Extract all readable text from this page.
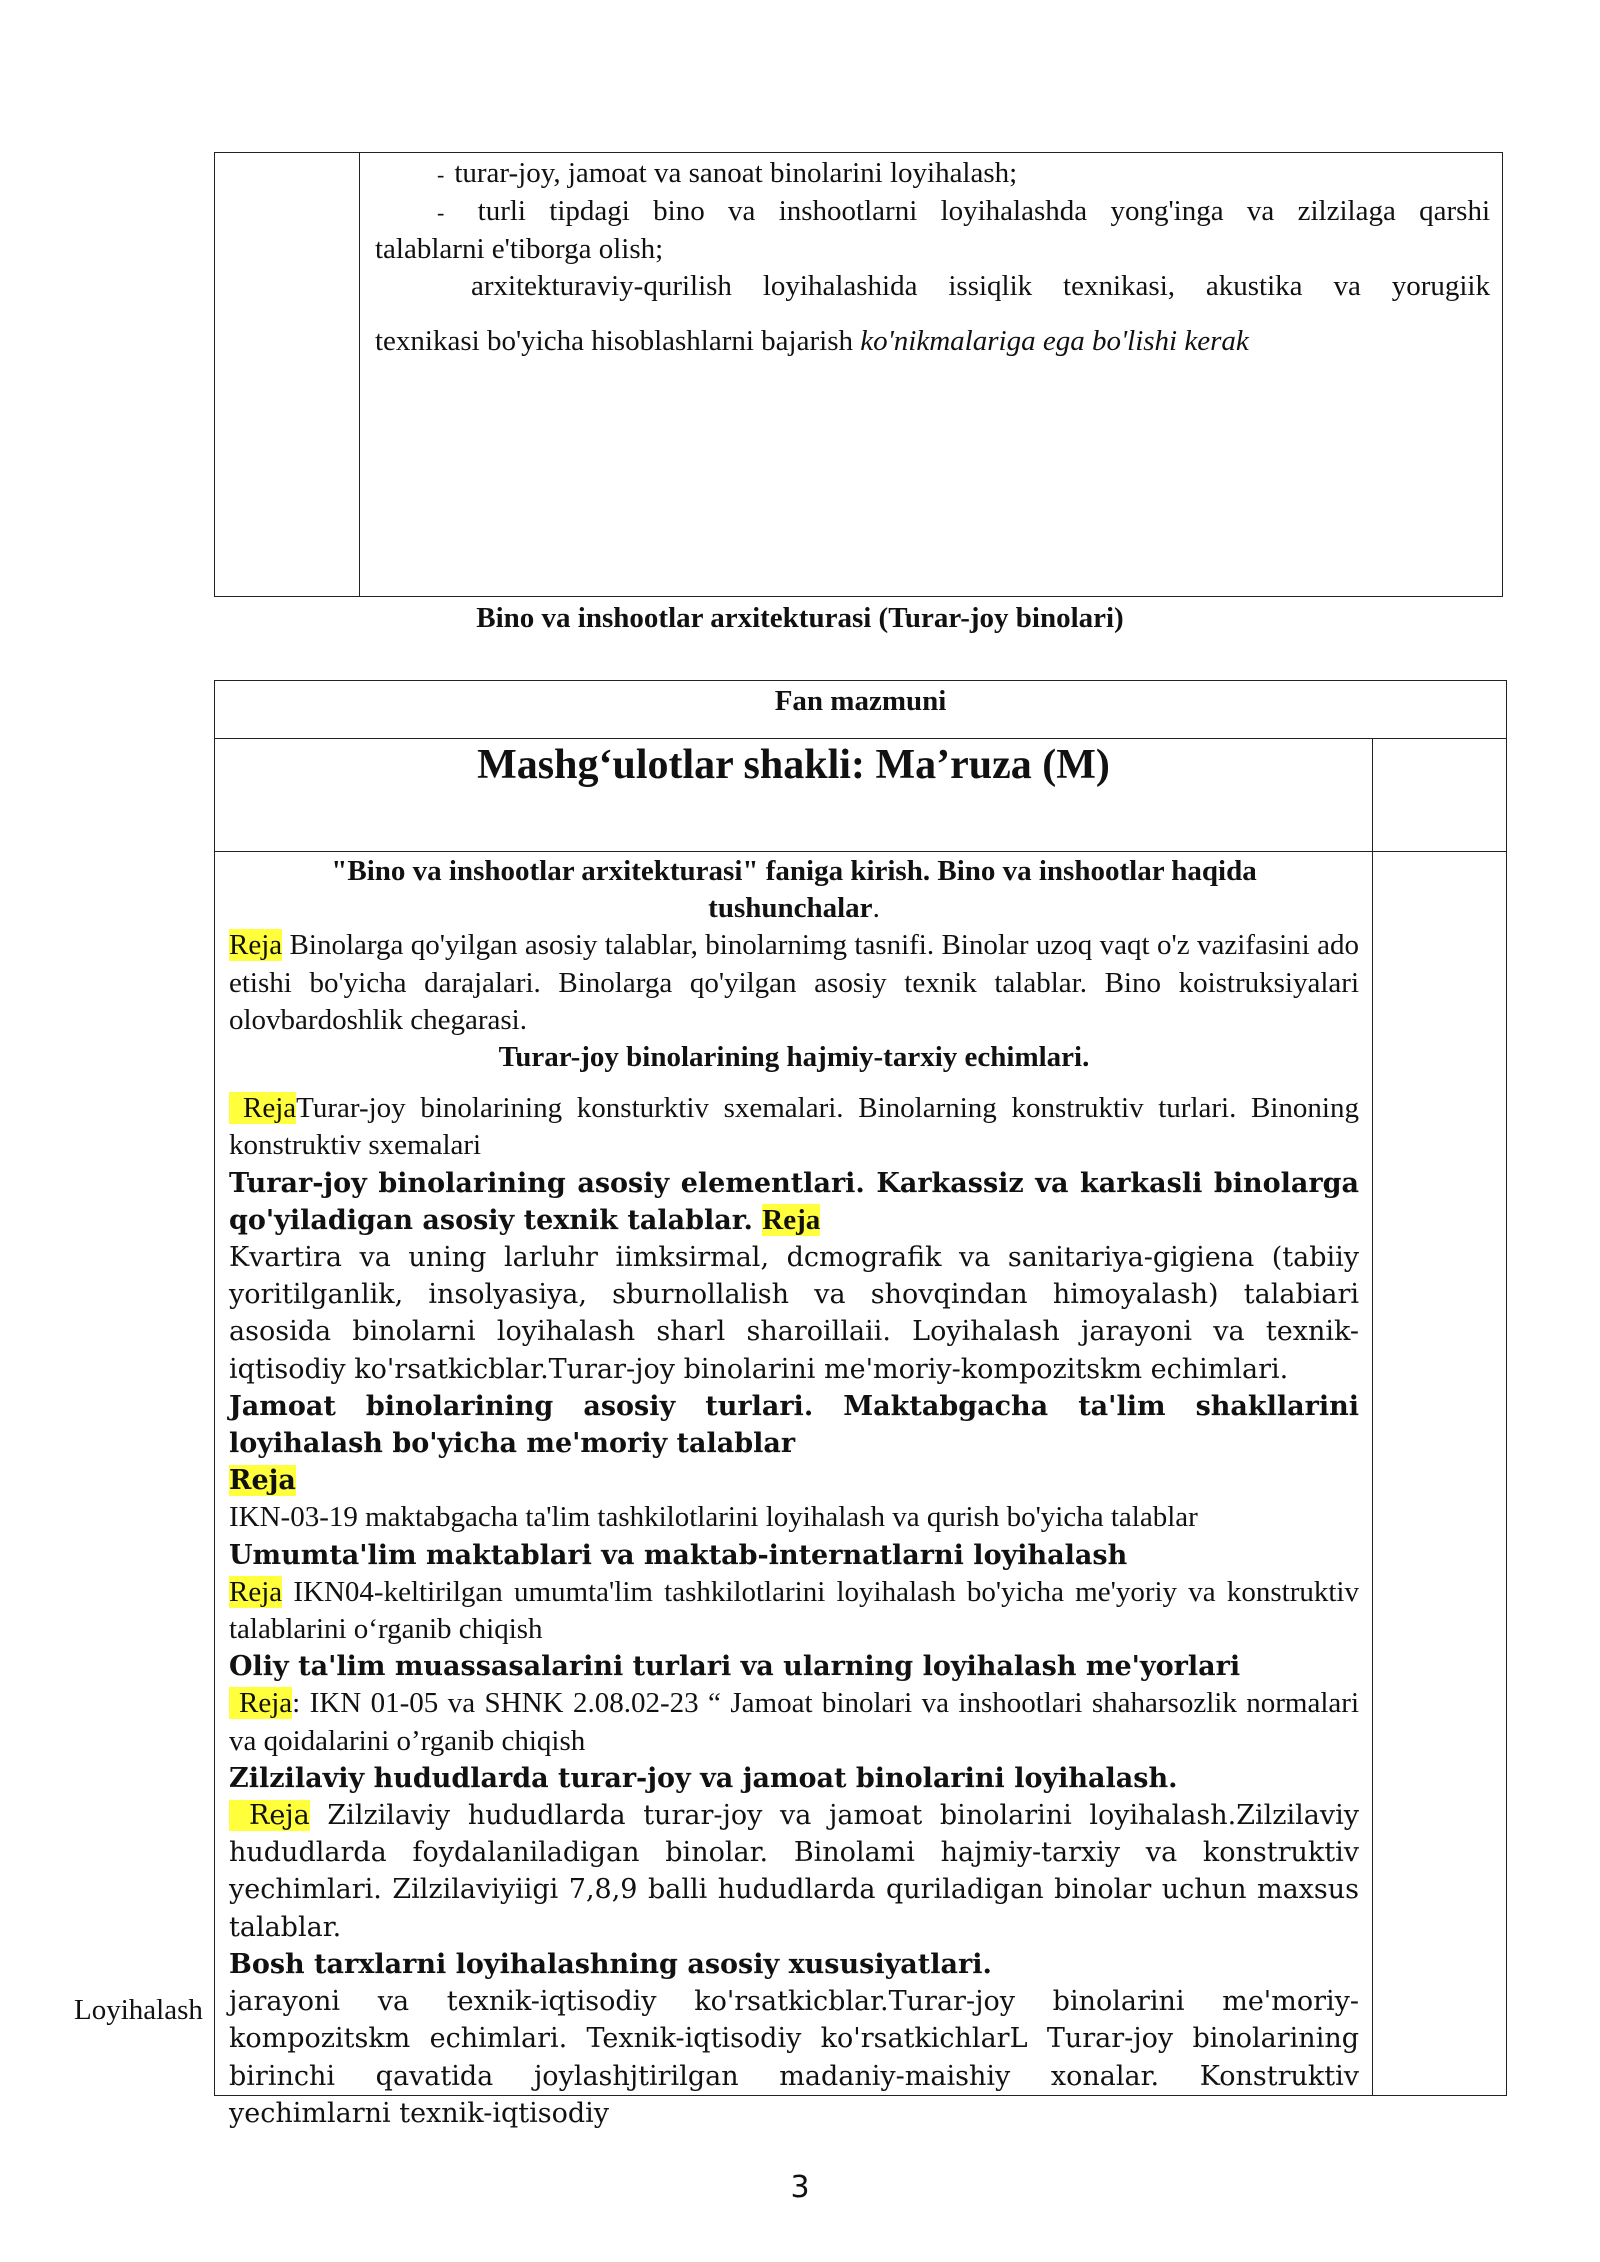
- turar-joy, jamoat va sanoat binolarini loyihalash;
- turli tipdagi bino va inshootlarni loyihalashda yong'inga va zilzilaga qarshi
talablarni e'tiborga olish;
arxitekturaviy-qurilish loyihalashida issiqlik texnikasi, akustika va yorugiik
texnikasi bo'yicha hisoblashlarni bajarish ko'nikmalariga ega bo'lishi kerak
Bino va inshootlar arxitekturasi (Turar-joy binolari)
Fan mazmuni
Mashg‘ulotlar shakli: Ma’ruza (M)

"Bino va inshootlar arxitekturasi" faniga kirish. Bino va inshootlar haqida
tushunchalar.

Reja Binolarga qo'yilgan asosiy talablar, binolarnimg tasnifi. Binolar uzoq vaqt o'z vazifasini ado etishi bo'yicha darajalari. Binolarga qo'yilgan asosiy texnik talablar. Bino koistruksiyalari olovbardoshlik chegarasi.

Turar-joy binolarining hajmiy-tarxiy echimlari.

RejaTurar-joy binolarining konsturktiv sxemalari. Binolarning konstruktiv turlari. Binoning konstruktiv sxemalari

Turar-joy binolarining asosiy elementlari. Karkassiz va karkasli binolarga qo'yiladigan asosiy texnik talablar. Reja

Kvartira va uning larluhr iimksirmal, dcmografik va sanitariya-gigiena (tabiiy yoritilganlik, insolyasiya, sburnollalish va shovqindan himoyalash) talabiari asosida binolarni loyihalash sharl sharoillaii. Loyihalash jarayoni va texnik-iqtisodiy ko'rsatkicblar.Turar-joy binolarini me'moriy-kompozitskm echimlari.

Jamoat binolarining asosiy turlari. Maktabgacha ta'lim shakllarini loyihalash bo'yicha me'moriy talablar

Reja

IKN-03-19 maktabgacha ta'lim tashkilotlarini loyihalash va qurish bo'yicha talablar

Umumta'lim maktablari va maktab-internatlarni loyihalash

Reja IKN04-keltirilgan umumta'lim tashkilotlarini loyihalash bo'yicha me'yoriy va konstruktiv talablarini o‘rganib chiqish

Oliy ta'lim muassasalarini turlari va ularning loyihalash me'yorlari

Reja: IKN 01-05 va SHNK 2.08.02-23 “ Jamoat binolari va inshootlari shaharsozlik normalari va qoidalarini o’rganib chiqish

Zilzilaviy hududlarda turar-joy va jamoat binolarini loyihalash.

Reja Zilzilaviy hududlarda turar-joy va jamoat binolarini loyihalash.Zilzilaviy hududlarda foydalaniladigan binolar. Binolami hajmiy-tarxiy va konstruktiv yechimlari. Zilzilaviyiigi 7,8,9 balli hududlarda quriladigan binolar uchun maxsus talablar.

Bosh tarxlarni loyihalashning asosiy xususiyatlari.

jarayoni va texnik-iqtisodiy ko'rsatkicblar.Turar-joy binolarini me'moriy-kompozitskm echimlari. Texnik-iqtisodiy ko'rsatkichlarL Turar-joy binolarining birinchi qavatida joylashjtirilgan madaniy-maishiy xonalar. Konstruktiv yechimlarni texnik-iqtisodiy

Loyihalash
3
